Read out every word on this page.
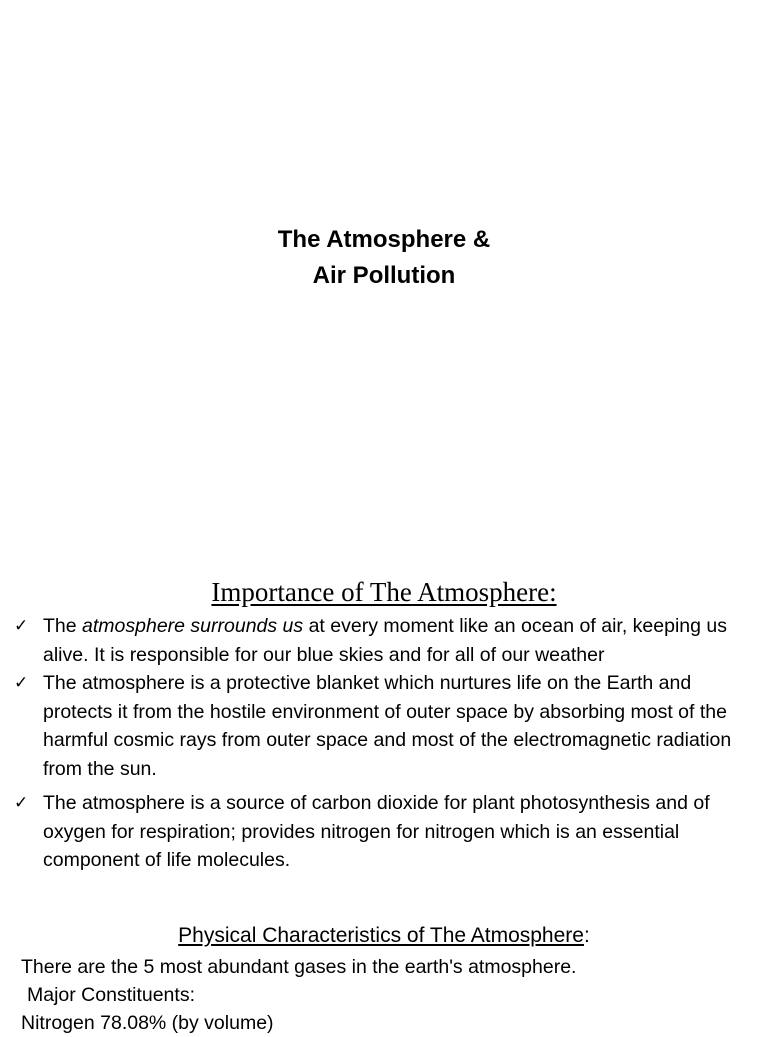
The Atmosphere &
Air Pollution
Importance of The Atmosphere:
✓ The atmosphere surrounds us at every moment like an ocean of air, keeping us alive. It is responsible for our blue skies and for all of our weather
✓ The atmosphere is a protective blanket which nurtures life on the Earth and protects it from the hostile environment of outer space by absorbing most of the harmful cosmic rays from outer space and most of the electromagnetic radiation from the sun.
✓ The atmosphere is a source of carbon dioxide for plant photosynthesis and of oxygen for respiration; provides nitrogen for nitrogen which is an essential component of life molecules.
Physical Characteristics of The Atmosphere:
There are the 5 most abundant gases in the earth's atmosphere.
Major Constituents:
Nitrogen 78.08% (by volume)
